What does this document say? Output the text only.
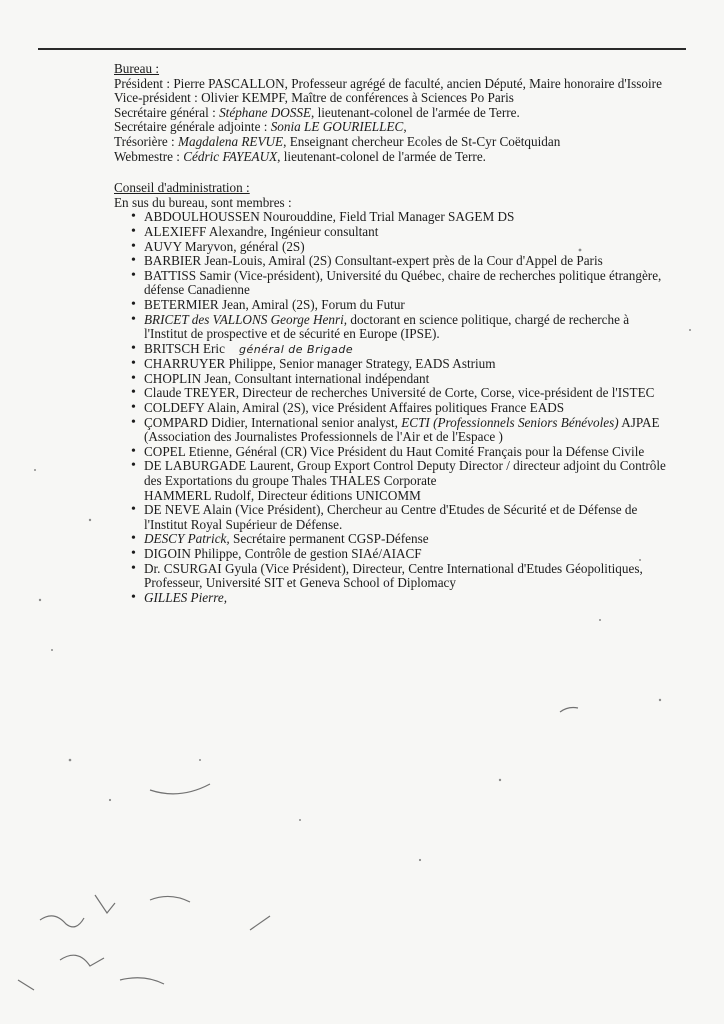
Bureau :
Président : Pierre PASCALLON, Professeur agrégé de faculté, ancien Député, Maire honoraire d'Issoire
Vice-président : Olivier KEMPF, Maître de conférences à Sciences Po Paris
Secrétaire général : Stéphane DOSSE, lieutenant-colonel de l'armée de Terre.
Secrétaire générale adjointe : Sonia LE GOURIELLEC,
Trésorière : Magdalena REVUE, Enseignant chercheur Ecoles de St-Cyr Coëtquidan
Webmestre : Cédric FAYEAUX, lieutenant-colonel de l'armée de Terre.
Conseil d'administration :
En sus du bureau, sont membres :
• ABDOULHOUSSEN Nourouddine, Field Trial Manager SAGEM DS
• ALEXIEFF Alexandre, Ingénieur consultant
• AUVY Maryvon, général (2S)
• BARBIER Jean-Louis, Amiral (2S) Consultant-expert près de la Cour d'Appel de Paris
• BATTISS Samir (Vice-président), Université du Québec, chaire de recherches politique étrangère, défense Canadienne
• BETERMIER Jean, Amiral (2S), Forum du Futur
• BRICET des VALLONS George Henri, doctorant en science politique, chargé de recherche à l'Institut de prospective et de sécurité en Europe (IPSE).
• BRITSCH Eric général de Brigade
• CHARRUYER Philippe, Senior manager Strategy, EADS Astrium
• CHOPLIN Jean, Consultant international indépendant
• Claude TREYER, Directeur de recherches Université de Corte, Corse, vice-président de l'ISTEC
• COLDEFY Alain, Amiral (2S), vice Président Affaires politiques France EADS
• ÇOMPARD Didier, International senior analyst, ECTI (Professionnels Seniors Bénévoles) AJPAE (Association des Journalistes Professionnels de l'Air et de l'Espace )
• COPEL Etienne, Général (CR) Vice Président du Haut Comité Français pour la Défense Civile
• DE LABURGADE Laurent, Group Export Control Deputy Director / directeur adjoint du Contrôle des Exportations du groupe Thales THALES Corporate
HAMMERL Rudolf, Directeur éditions UNICOMM
• DE NEVE Alain (Vice Président), Chercheur au Centre d'Etudes de Sécurité et de Défense de l'Institut Royal Supérieur de Défense.
• DESCY Patrick, Secrétaire permanent CGSP-Défense
• DIGOIN Philippe, Contrôle de gestion SIAé/AIACF
• Dr. CSURGAI Gyula (Vice Président), Directeur, Centre International d'Etudes Géopolitiques, Professeur, Université SIT et Geneva School of Diplomacy
• GILLES Pierre,
